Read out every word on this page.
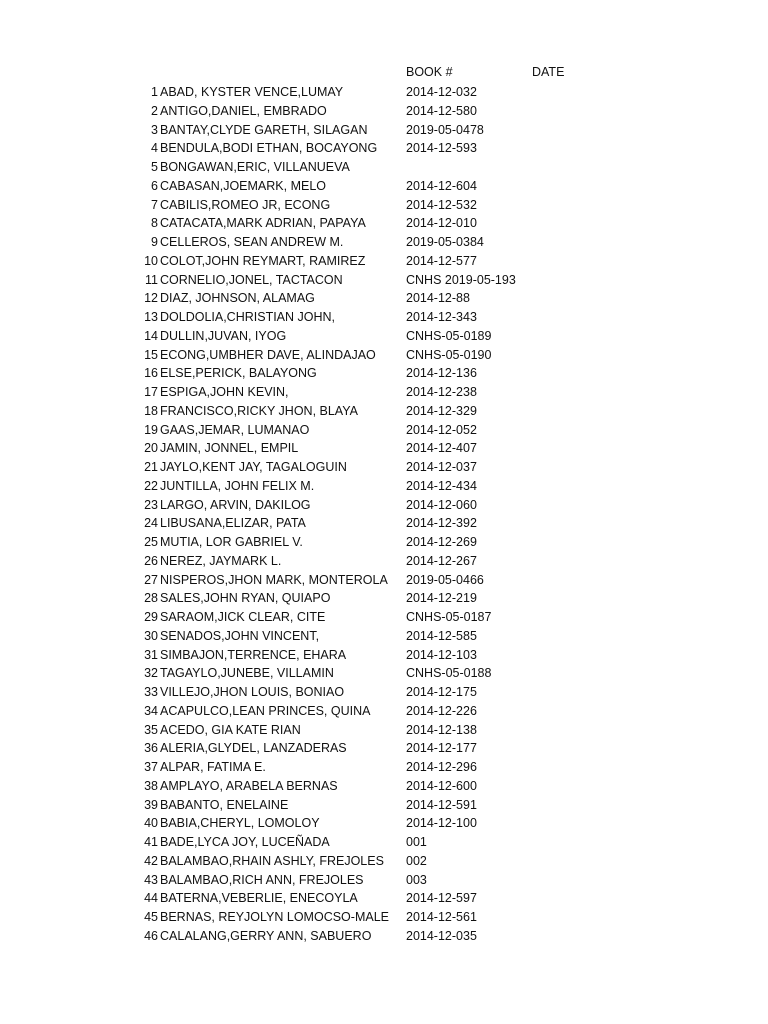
BOOK #	DATE
1 ABAD, KYSTER VENCE,LUMAY	2014-12-032
2 ANTIGO,DANIEL, EMBRADO	2014-12-580
3 BANTAY,CLYDE GARETH, SILAGAN	2019-05-0478
4 BENDULA,BODI ETHAN, BOCAYONG	2014-12-593
5 BONGAWAN,ERIC, VILLANUEVA
6 CABASAN,JOEMARK, MELO	2014-12-604
7 CABILIS,ROMEO JR, ECONG	2014-12-532
8 CATACATA,MARK ADRIAN, PAPAYA	2014-12-010
9 CELLEROS, SEAN ANDREW M.	2019-05-0384
10 COLOT,JOHN REYMART, RAMIREZ	2014-12-577
11 CORNELIO,JONEL, TACTACON	CNHS 2019-05-193
12 DIAZ, JOHNSON, ALAMAG	2014-12-88
13 DOLDOLIA,CHRISTIAN JOHN,	2014-12-343
14 DULLIN,JUVAN, IYOG	CNHS-05-0189
15 ECONG,UMBHER DAVE, ALINDAJAO	CNHS-05-0190
16 ELSE,PERICK, BALAYONG	2014-12-136
17 ESPIGA,JOHN KEVIN,	2014-12-238
18 FRANCISCO,RICKY JHON, BLAYA	2014-12-329
19 GAAS,JEMAR, LUMANAO	2014-12-052
20 JAMIN, JONNEL, EMPIL	2014-12-407
21 JAYLO,KENT JAY, TAGALOGUIN	2014-12-037
22 JUNTILLA, JOHN FELIX M.	2014-12-434
23 LARGO, ARVIN, DAKILOG	2014-12-060
24 LIBUSANA,ELIZAR, PATA	2014-12-392
25 MUTIA, LOR GABRIEL V.	2014-12-269
26 NEREZ, JAYMARK L.	2014-12-267
27 NISPEROS,JHON MARK, MONTEROLA	2019-05-0466
28 SALES,JOHN RYAN, QUIAPO	2014-12-219
29 SARAOM,JICK CLEAR, CITE	CNHS-05-0187
30 SENADOS,JOHN VINCENT,	2014-12-585
31 SIMBAJON,TERRENCE, EHARA	2014-12-103
32 TAGAYLO,JUNEBE, VILLAMIN	CNHS-05-0188
33 VILLEJO,JHON LOUIS, BONIAO	2014-12-175
34 ACAPULCO,LEAN PRINCES, QUINA	2014-12-226
35 ACEDO, GIA KATE RIAN	2014-12-138
36 ALERIA,GLYDEL, LANZADERAS	2014-12-177
37 ALPAR, FATIMA E.	2014-12-296
38 AMPLAYO, ARABELA BERNAS	2014-12-600
39 BABANTO, ENELAINE	2014-12-591
40 BABIA,CHERYL, LOMOLOY	2014-12-100
41 BADE,LYCA JOY, LUCEÑADA	001
42 BALAMBAO,RHAIN ASHLY, FREJOLES	002
43 BALAMBAO,RICH ANN, FREJOLES	003
44 BATERNA,VEBERLIE, ENECOYLA	2014-12-597
45 BERNAS, REYJOLYN LOMOCSO-MALE	2014-12-561
46 CALALANG,GERRY ANN, SABUERO	2014-12-035
